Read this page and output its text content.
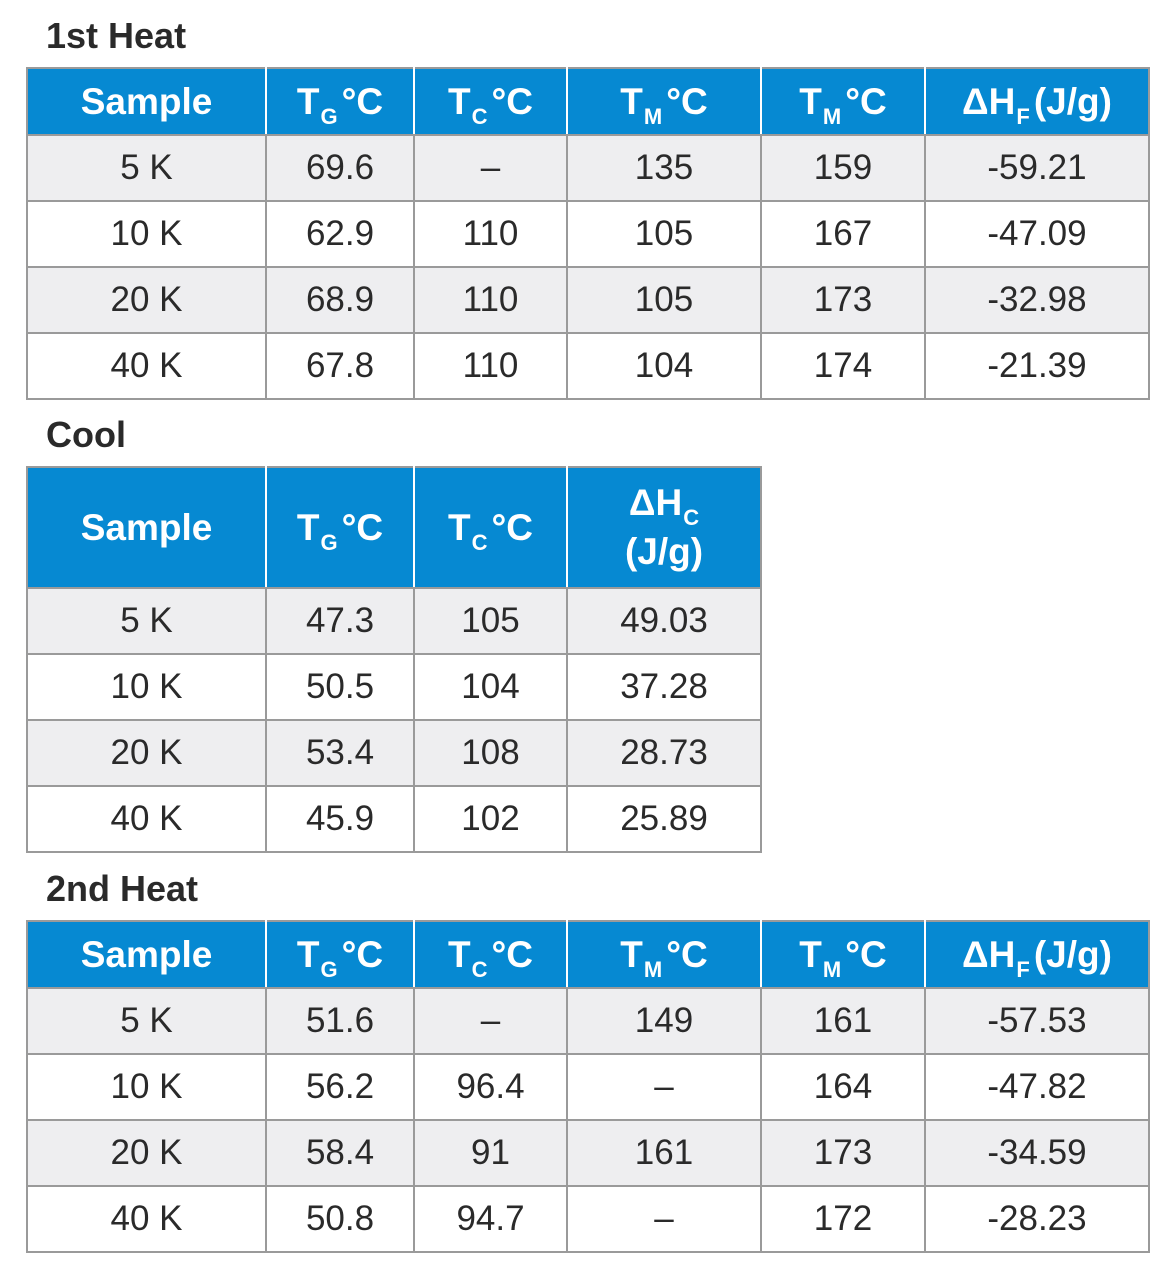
1st Heat
Sample	$T_G$ °C	$T_C$ °C	$T_M$ °C	$T_M$ °C	$\Delta H_F$ (J/g)
5 K	69.6	–	135	159	-59.21
10 K	62.9	110	105	167	-47.09
20 K	68.9	110	105	173	-32.98
40 K	67.8	110	104	174	-21.39
Cool
Sample	$T_G$ °C	$T_C$ °C	$\Delta H_C$
(J/g)

5 K	47.3	105	49.03
10 K	50.5	104	37.28
20 K	53.4	108	28.73
40 K	45.9	102	25.89
2nd Heat
Sample	$T_G$ °C	$T_C$ °C	$T_M$ °C	$T_M$ °C	$\Delta H_F$ (J/g)
5 K	51.6	–	149	161	-57.53
10 K	56.2	96.4	–	164	-47.82
20 K	58.4	91	161	173	-34.59
40 K	50.8	94.7	–	172	-28.23
